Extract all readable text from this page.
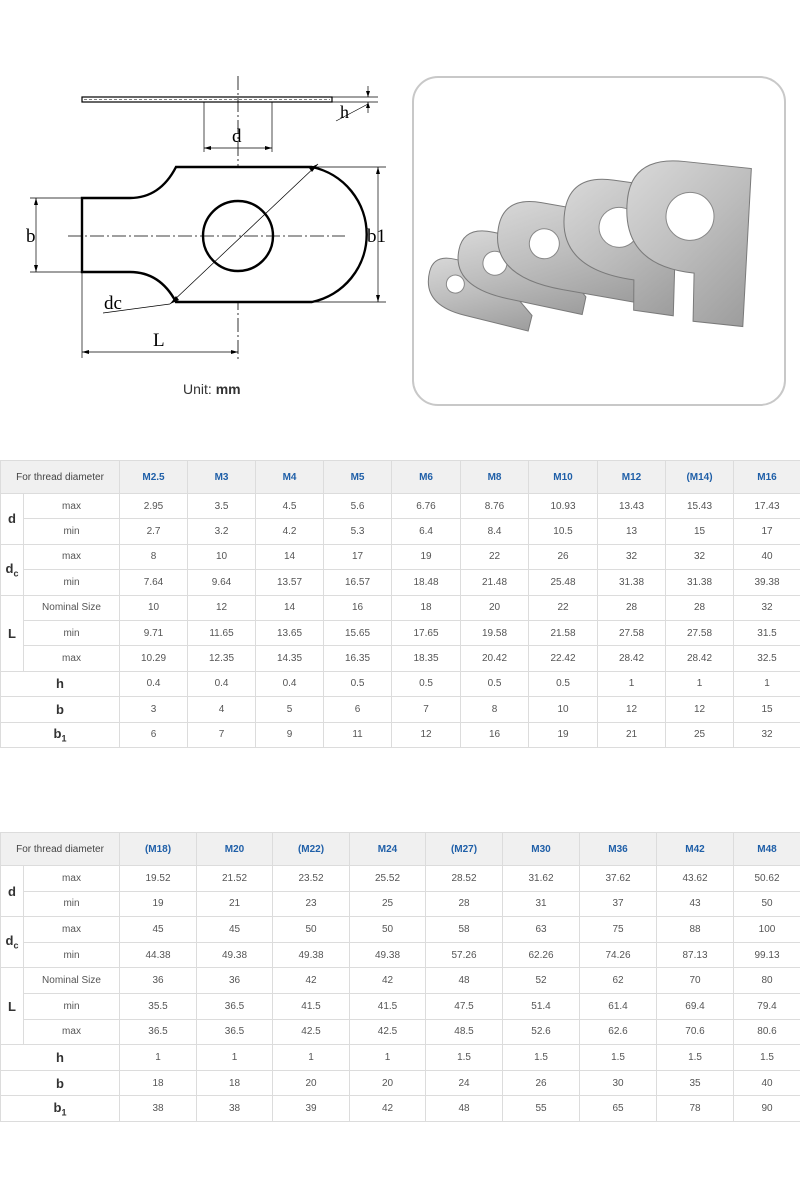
h
d
dc
b	b1
L
Unit: mm
For thread diameter		M2.5	M3	M4	M5	M6	M8	M10	M12	(M14)	M16
d	max	2.95	3.5	4.5	5.6	6.76	8.76	10.93	13.43	15.43	17.43
	min	2.7	3.2	4.2	5.3	6.4	8.4	10.5	13	15	17
$d_c$	max	8	10	14	17	19	22	26	32	32	40
	min	7.64	9.64	13.57	16.57	18.48	21.48	25.48	31.38	31.38	39.38
L	Nominal Size	10	12	14	16	18	20	22	28	28	32
	min	9.71	11.65	13.65	15.65	17.65	19.58	21.58	27.58	27.58	31.5
	max	10.29	12.35	14.35	16.35	18.35	20.42	22.42	28.42	28.42	32.5
h		0.4	0.4	0.4	0.5	0.5	0.5	0.5	1	1	1
b		3	4	5	6	7	8	10	12	12	15
$b_1$		6	7	9	11	12	16	19	21	25	32
For thread diameter		(M18)	M20	(M22)	M24	(M27)	M30	M36	M42	M48
d	max	19.52	21.52	23.52	25.52	28.52	31.62	37.62	43.62	50.62
	min	19	21	23	25	28	31	37	43	50
$d_c$	max	45	45	50	50	58	63	75	88	100
	min	44.38	49.38	49.38	49.38	57.26	62.26	74.26	87.13	99.13
L	Nominal Size	36	36	42	42	48	52	62	70	80
	min	35.5	36.5	41.5	41.5	47.5	51.4	61.4	69.4	79.4
	max	36.5	36.5	42.5	42.5	48.5	52.6	62.6	70.6	80.6
h		1	1	1	1	1.5	1.5	1.5	1.5	1.5
b		18	18	20	20	24	26	30	35	40
$b_1$		38	38	39	42	48	55	65	78	90
